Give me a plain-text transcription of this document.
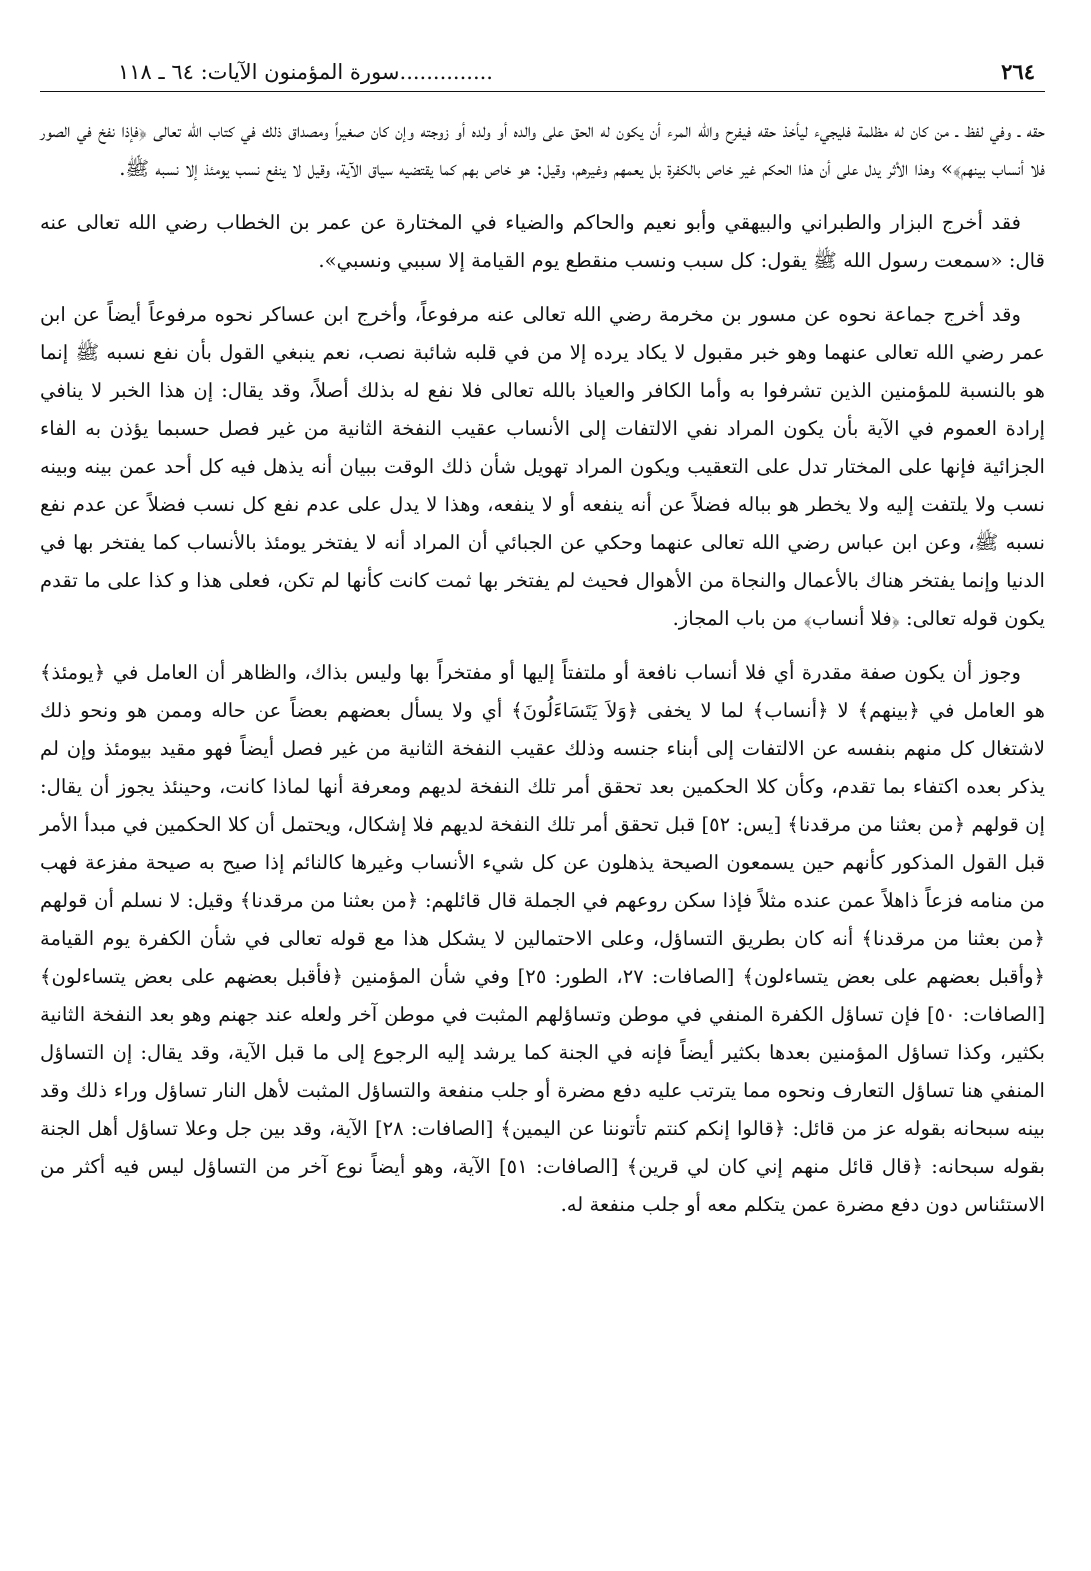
٢٦٤
..............سورة المؤمنون الآيات: ٦٤ ـ ١١٨

حقه ـ وفي لفظ ـ من كان له مظلمة فليجيء ليأخذ حقه فيفرح والله المرء أن يكون له الحق على والده أو ولده أو زوجته وإن كان صغيراً ومصداق ذلك في كتاب الله تعالى ﴿فإذا نفخ في الصور فلا أنساب بينهم﴾» وهذا الأثر يدل على أن هذا الحكم غير خاص بالكفرة بل يعمهم وغيرهم، وقيل: هو خاص بهم كما يقتضيه سياق الآية، وقيل لا ينفع نسب يومئذ إلا نسبه ﷺ.

فقد أخرج البزار والطبراني والبيهقي وأبو نعيم والحاكم والضياء في المختارة عن عمر بن الخطاب رضي الله تعالى عنه قال: «سمعت رسول الله ﷺ يقول: كل سبب ونسب منقطع يوم القيامة إلا سببي ونسبي».

وقد أخرج جماعة نحوه عن مسور بن مخرمة رضي الله تعالى عنه مرفوعاً، وأخرج ابن عساكر نحوه مرفوعاً أيضاً عن ابن عمر رضي الله تعالى عنهما وهو خبر مقبول لا يكاد يرده إلا من في قلبه شائبة نصب، نعم ينبغي القول بأن نفع نسبه ﷺ إنما هو بالنسبة للمؤمنين الذين تشرفوا به وأما الكافر والعياذ بالله تعالى فلا نفع له بذلك أصلاً، وقد يقال: إن هذا الخبر لا ينافي إرادة العموم في الآية بأن يكون المراد نفي الالتفات إلى الأنساب عقيب النفخة الثانية من غير فصل حسبما يؤذن به الفاء الجزائية فإنها على المختار تدل على التعقيب ويكون المراد تهويل شأن ذلك الوقت ببيان أنه يذهل فيه كل أحد عمن بينه وبينه نسب ولا يلتفت إليه ولا يخطر هو بباله فضلاً عن أنه ينفعه أو لا ينفعه، وهذا لا يدل على عدم نفع كل نسب فضلاً عن عدم نفع نسبه ﷺ، وعن ابن عباس رضي الله تعالى عنهما وحكي عن الجبائي أن المراد أنه لا يفتخر يومئذ بالأنساب كما يفتخر بها في الدنيا وإنما يفتخر هناك بالأعمال والنجاة من الأهوال فحيث لم يفتخر بها ثمت كانت كأنها لم تكن، فعلى هذا و كذا على ما تقدم يكون قوله تعالى: ﴿فلا أنساب﴾ من باب المجاز.

وجوز أن يكون صفة مقدرة أي فلا أنساب نافعة أو ملتفتاً إليها أو مفتخراً بها وليس بذاك، والظاهر أن العامل في ﴿يومئذ﴾ هو العامل في ﴿بينهم﴾ لا ﴿أنساب﴾ لما لا يخفى ﴿وَلاَ يَتَسَاءَلُونَ﴾ أي ولا يسأل بعضهم بعضاً عن حاله وممن هو ونحو ذلك لاشتغال كل منهم بنفسه عن الالتفات إلى أبناء جنسه وذلك عقيب النفخة الثانية من غير فصل أيضاً فهو مقيد بيومئذ وإن لم يذكر بعده اكتفاء بما تقدم، وكأن كلا الحكمين بعد تحقق أمر تلك النفخة لديهم ومعرفة أنها لماذا كانت، وحينئذ يجوز أن يقال: إن قولهم ﴿من بعثنا من مرقدنا﴾ [يس: ٥٢] قبل تحقق أمر تلك النفخة لديهم فلا إشكال، ويحتمل أن كلا الحكمين في مبدأ الأمر قبل القول المذكور كأنهم حين يسمعون الصيحة يذهلون عن كل شيء الأنساب وغيرها كالنائم إذا صيح به صيحة مفزعة فهب من منامه فزعاً ذاهلاً عمن عنده مثلاً فإذا سكن روعهم في الجملة قال قائلهم: ﴿من بعثنا من مرقدنا﴾ وقيل: لا نسلم أن قولهم ﴿من بعثنا من مرقدنا﴾ أنه كان بطريق التساؤل، وعلى الاحتمالين لا يشكل هذا مع قوله تعالى في شأن الكفرة يوم القيامة ﴿وأقبل بعضهم على بعض يتساءلون﴾ [الصافات: ٢٧، الطور: ٢٥] وفي شأن المؤمنين ﴿فأقبل بعضهم على بعض يتساءلون﴾ [الصافات: ٥٠] فإن تساؤل الكفرة المنفي في موطن وتساؤلهم المثبت في موطن آخر ولعله عند جهنم وهو بعد النفخة الثانية بكثير، وكذا تساؤل المؤمنين بعدها بكثير أيضاً فإنه في الجنة كما يرشد إليه الرجوع إلى ما قبل الآية، وقد يقال: إن التساؤل المنفي هنا تساؤل التعارف ونحوه مما يترتب عليه دفع مضرة أو جلب منفعة والتساؤل المثبت لأهل النار تساؤل وراء ذلك وقد بينه سبحانه بقوله عز من قائل: ﴿قالوا إنكم كنتم تأتوننا عن اليمين﴾ [الصافات: ٢٨] الآية، وقد بين جل وعلا تساؤل أهل الجنة بقوله سبحانه: ﴿قال قائل منهم إني كان لي قرين﴾ [الصافات: ٥١] الآية، وهو أيضاً نوع آخر من التساؤل ليس فيه أكثر من الاستئناس دون دفع مضرة عمن يتكلم معه أو جلب منفعة له.
